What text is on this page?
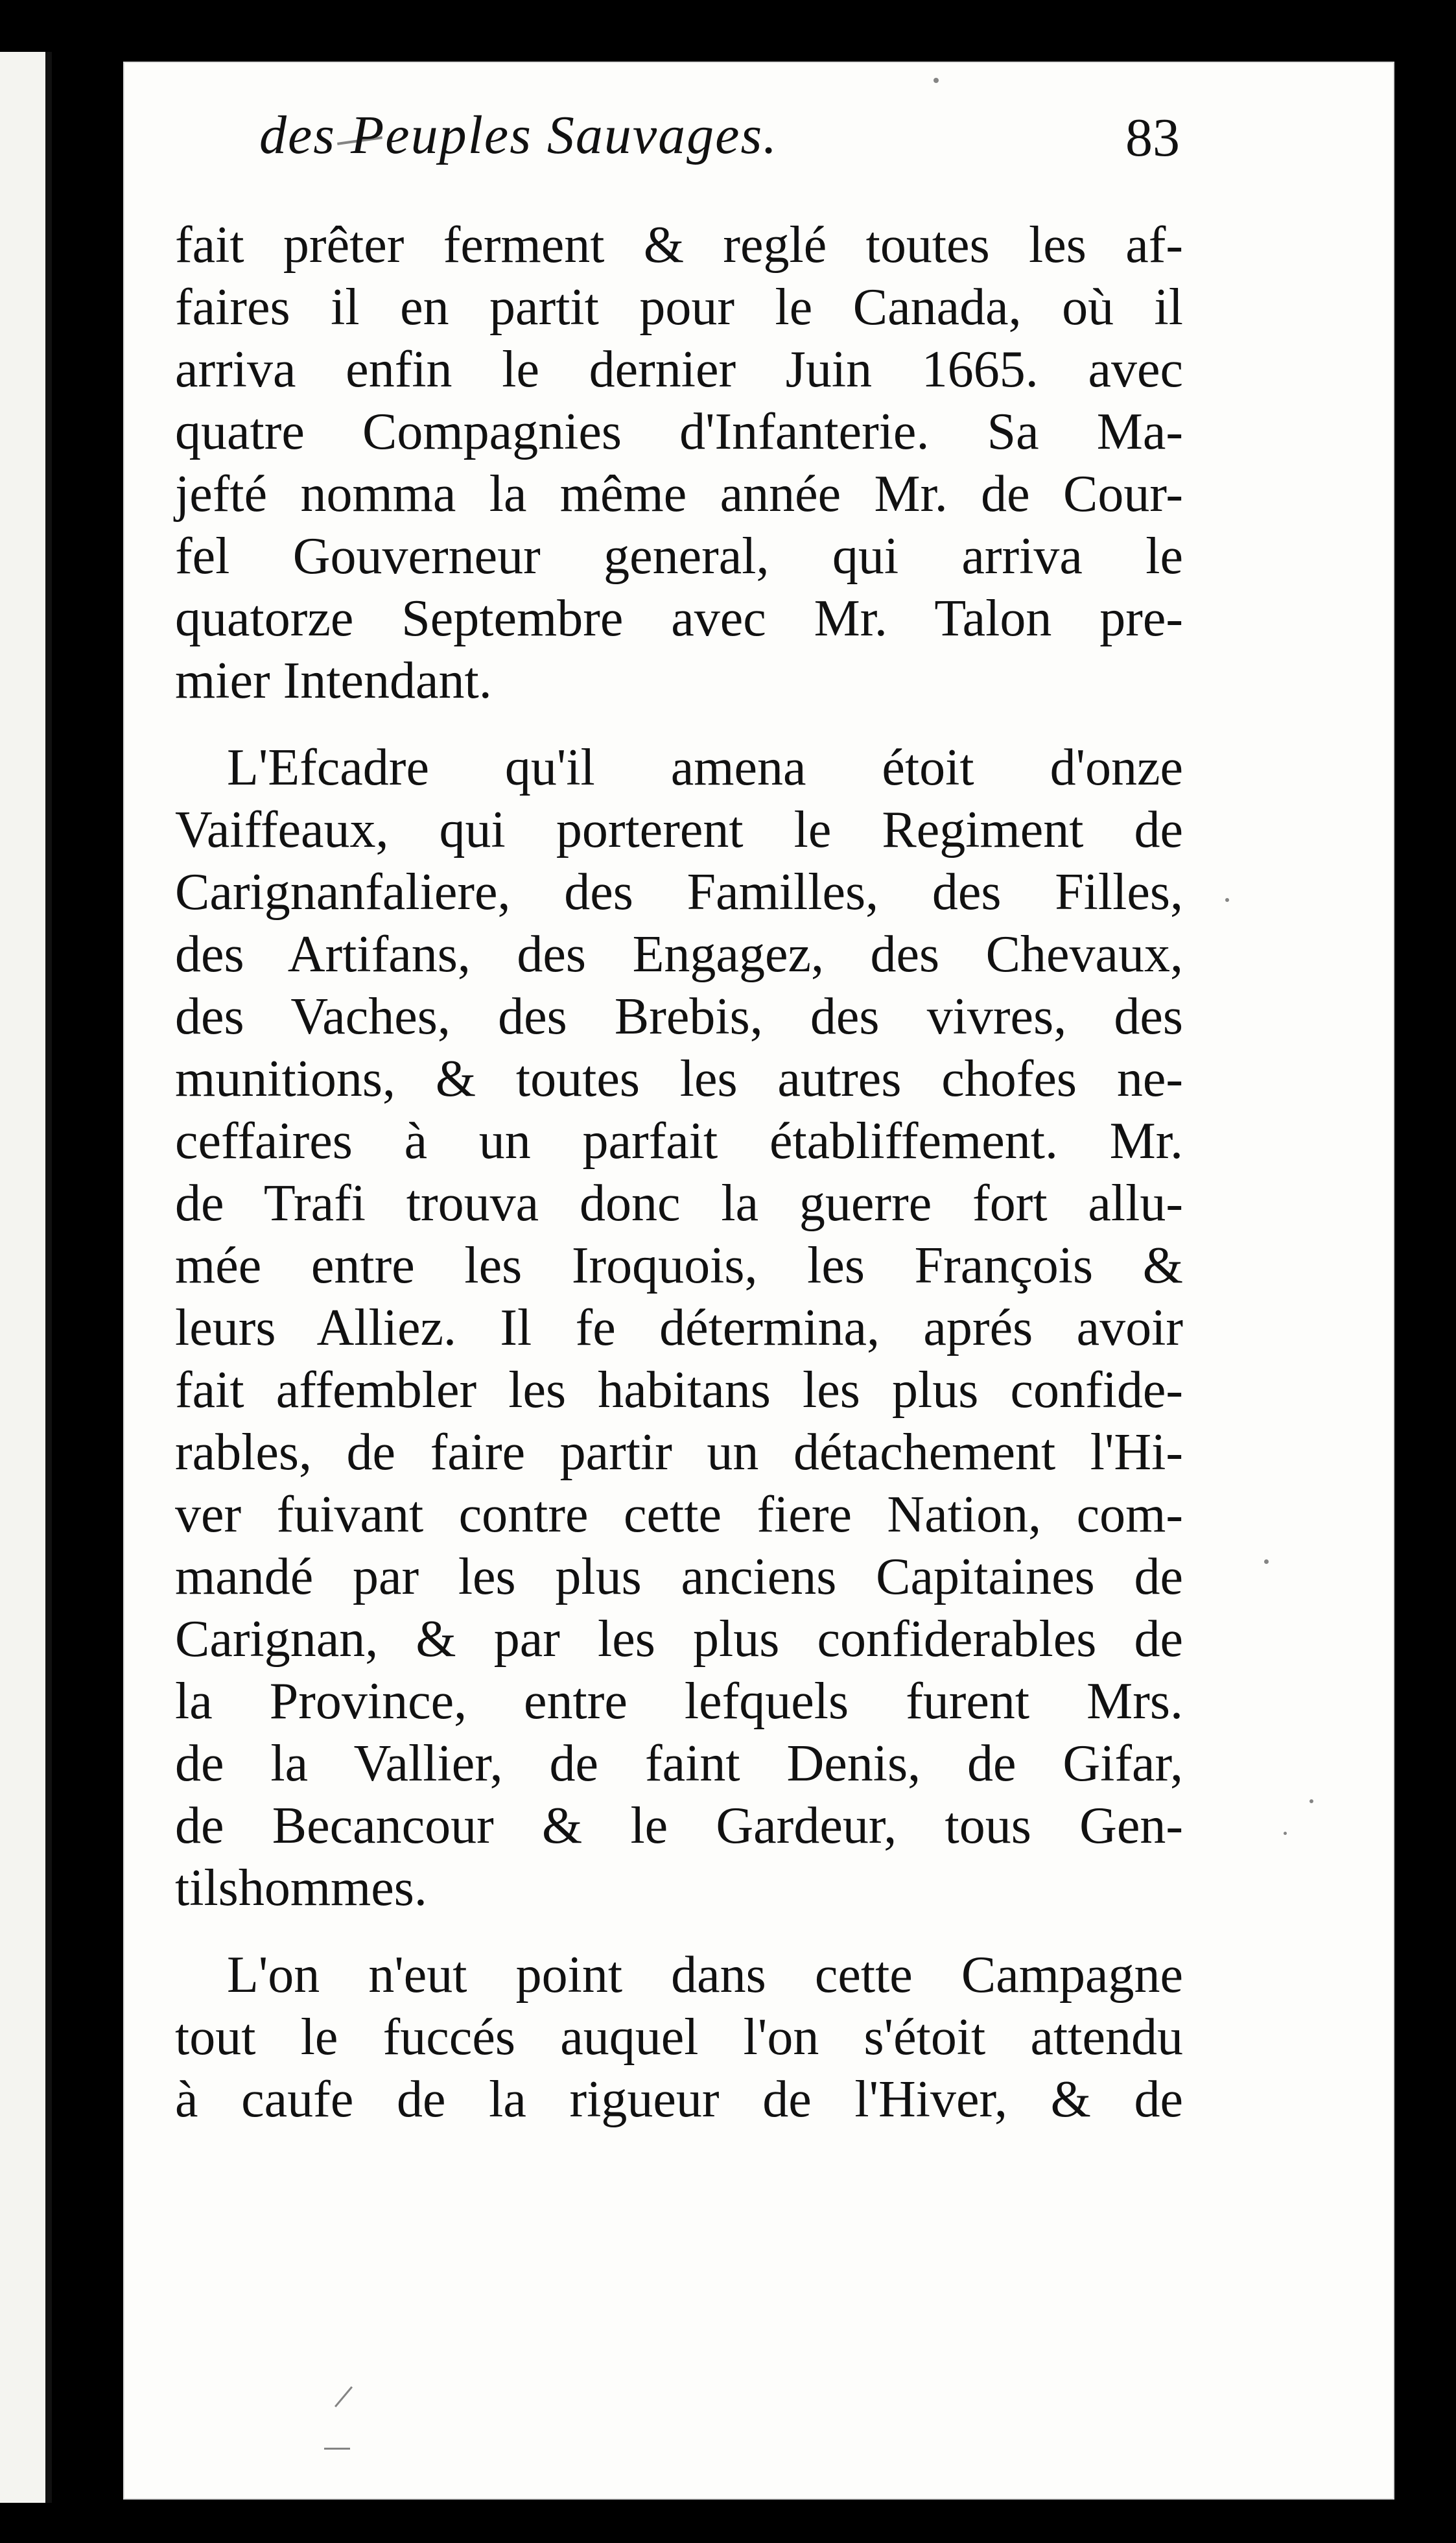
des Peuples Sauvages.	83
fait prêter ferment & reglé toutes les af-
faires il en partit pour le Canada, où il
arriva enfin le dernier Juin 1665. avec
quatre Compagnies d'Infanterie. Sa Ma-
jefté nomma la même année Mr. de Cour-
fel Gouverneur general, qui arriva le
quatorze Septembre avec Mr. Talon pre-
mier Intendant.
L'Efcadre qu'il amena étoit d'onze
Vaiffeaux, qui porterent le Regiment de
Carignanfaliere, des Familles, des Filles,
des Artifans, des Engagez, des Chevaux,
des Vaches, des Brebis, des vivres, des
munitions, & toutes les autres chofes ne-
ceffaires à un parfait établiffement. Mr.
de Trafi trouva donc la guerre fort allu-
mée entre les Iroquois, les François &
leurs Alliez. Il fe détermina, aprés avoir
fait affembler les habitans les plus confide-
rables, de faire partir un détachement l'Hi-
ver fuivant contre cette fiere Nation, com-
mandé par les plus anciens Capitaines de
Carignan, & par les plus confiderables de
la Province, entre lefquels furent Mrs.
de la Vallier, de faint Denis, de Gifar,
de Becancour & le Gardeur, tous Gen-
tilshommes.
L'on n'eut point dans cette Campagne
tout le fuccés auquel l'on s'étoit attendu
à caufe de la rigueur de l'Hiver, & de
